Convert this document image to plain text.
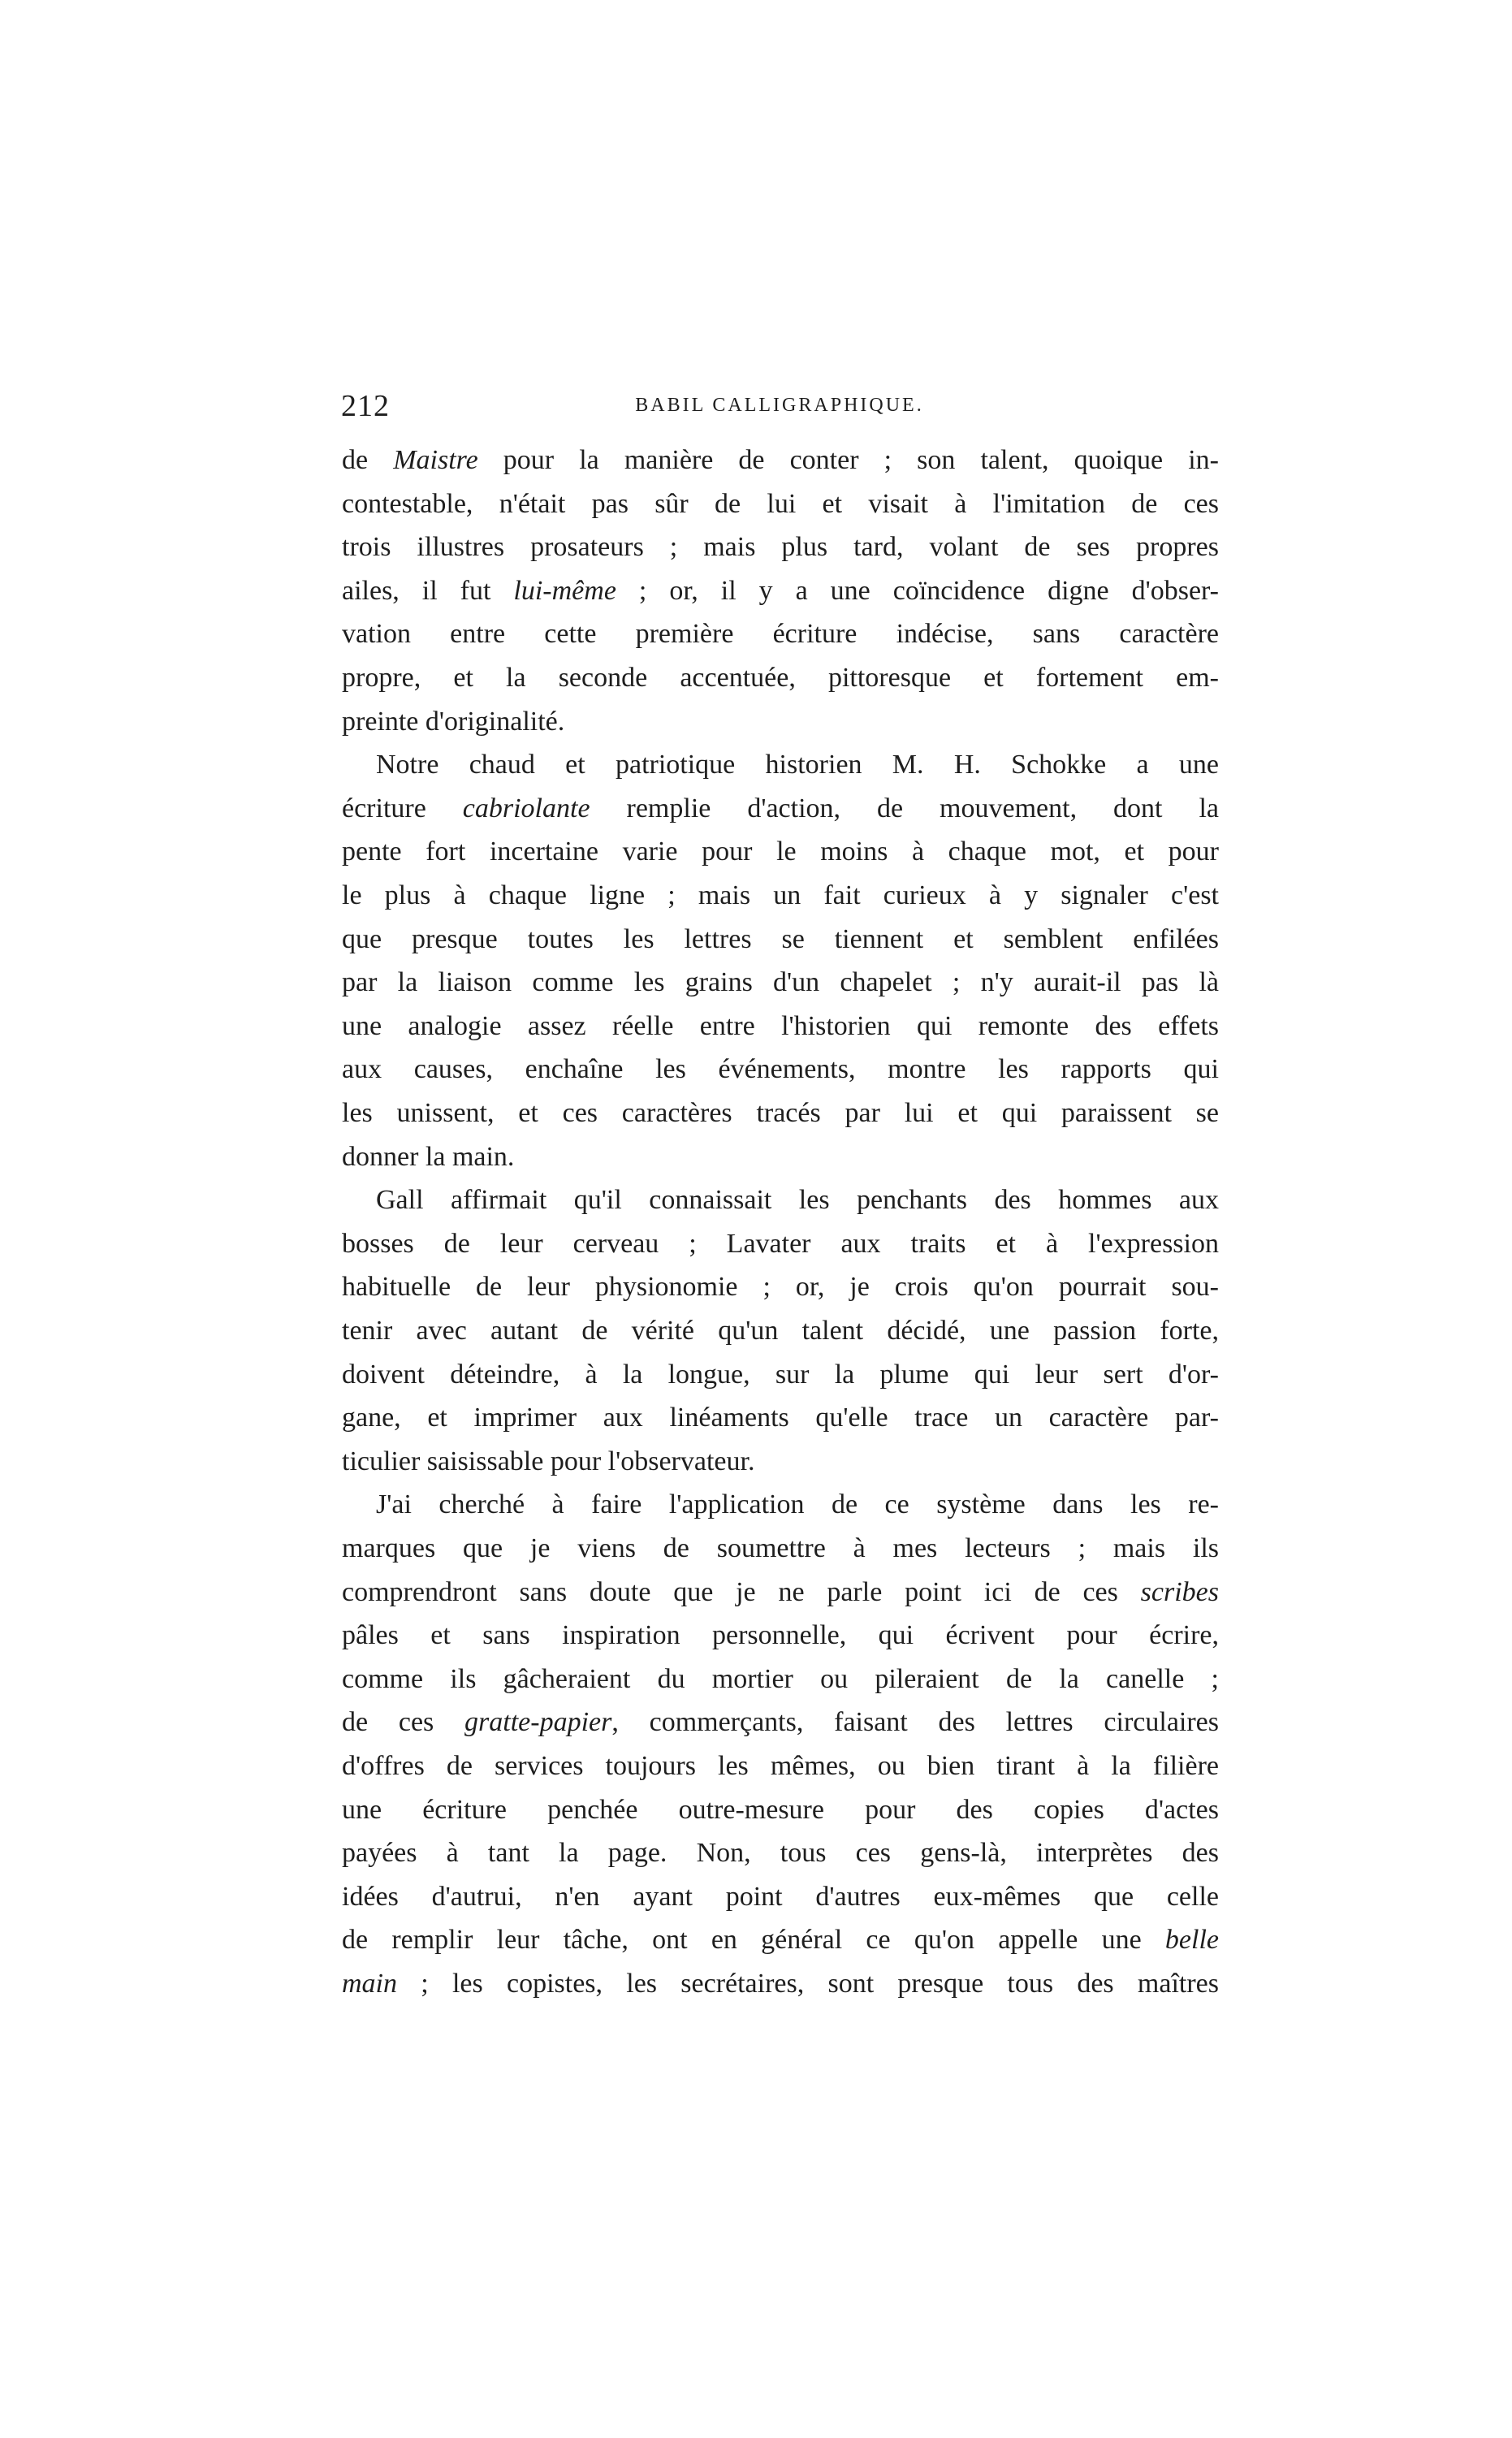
212	BABIL CALLIGRAPHIQUE.
de Maistre pour la manière de conter ; son talent, quoique in-
contestable, n'était pas sûr de lui et visait à l'imitation de ces
trois illustres prosateurs ; mais plus tard, volant de ses propres
ailes, il fut lui-même ; or, il y a une coïncidence digne d'obser-
vation entre cette première écriture indécise, sans caractère
propre, et la seconde accentuée, pittoresque et fortement em-
preinte d'originalité.
Notre chaud et patriotique historien M. H. Schokke a une
écriture cabriolante remplie d'action, de mouvement, dont la
pente fort incertaine varie pour le moins à chaque mot, et pour
le plus à chaque ligne ; mais un fait curieux à y signaler c'est
que presque toutes les lettres se tiennent et semblent enfilées
par la liaison comme les grains d'un chapelet ; n'y aurait-il pas là
une analogie assez réelle entre l'historien qui remonte des effets
aux causes, enchaîne les événements, montre les rapports qui
les unissent, et ces caractères tracés par lui et qui paraissent se
donner la main.
Gall affirmait qu'il connaissait les penchants des hommes aux
bosses de leur cerveau ; Lavater aux traits et à l'expression
habituelle de leur physionomie ; or, je crois qu'on pourrait sou-
tenir avec autant de vérité qu'un talent décidé, une passion forte,
doivent déteindre, à la longue, sur la plume qui leur sert d'or-
gane, et imprimer aux linéaments qu'elle trace un caractère par-
ticulier saisissable pour l'observateur.
J'ai cherché à faire l'application de ce système dans les re-
marques que je viens de soumettre à mes lecteurs ; mais ils
comprendront sans doute que je ne parle point ici de ces scribes
pâles et sans inspiration personnelle, qui écrivent pour écrire,
comme ils gâcheraient du mortier ou pileraient de la canelle ;
de ces gratte-papier, commerçants, faisant des lettres circulaires
d'offres de services toujours les mêmes, ou bien tirant à la filière
une écriture penchée outre-mesure pour des copies d'actes
payées à tant la page. Non, tous ces gens-là, interprètes des
idées d'autrui, n'en ayant point d'autres eux-mêmes que celle
de remplir leur tâche, ont en général ce qu'on appelle une belle
main ; les copistes, les secrétaires, sont presque tous des maîtres
